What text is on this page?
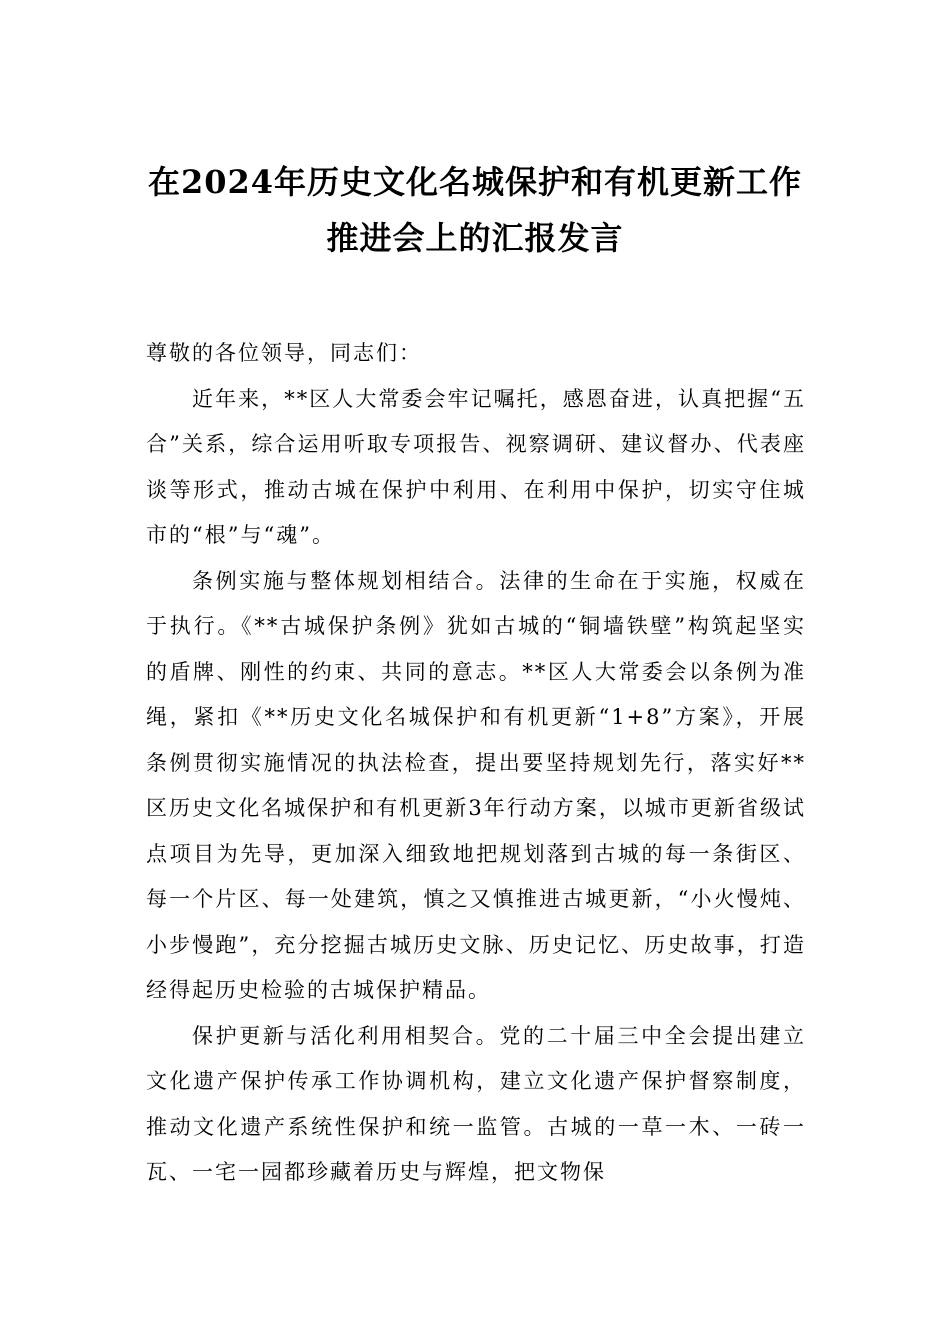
在2024年历史文化名城保护和有机更新工作推进会上的汇报发言

尊敬的各位领导，同志们：

近年来，**区人大常委会牢记嘱托，感恩奋进，认真把握“五合”关系，综合运用听取专项报告、视察调研、建议督办、代表座谈等形式，推动古城在保护中利用、在利用中保护，切实守住城市的“根”与“魂”。

条例实施与整体规划相结合。法律的生命在于实施，权威在于执行。《**古城保护条例》犹如古城的“铜墙铁壁”构筑起坚实的盾牌、刚性的约束、共同的意志。**区人大常委会以条例为准绳，紧扣《**历史文化名城保护和有机更新“1+8”方案》，开展条例贯彻实施情况的执法检查，提出要坚持规划先行，落实好**区历史文化名城保护和有机更新3年行动方案，以城市更新省级试点项目为先导，更加深入细致地把规划落到古城的每一条街区、每一个片区、每一处建筑，慎之又慎推进古城更新，“小火慢炖、小步慢跑”，充分挖掘古城历史文脉、历史记忆、历史故事，打造经得起历史检验的古城保护精品。

保护更新与活化利用相契合。党的二十届三中全会提出建立文化遗产保护传承工作协调机构，建立文化遗产保护督察制度，推动文化遗产系统性保护和统一监管。古城的一草一木、一砖一瓦、一宅一园都珍藏着历史与辉煌，把文物保
